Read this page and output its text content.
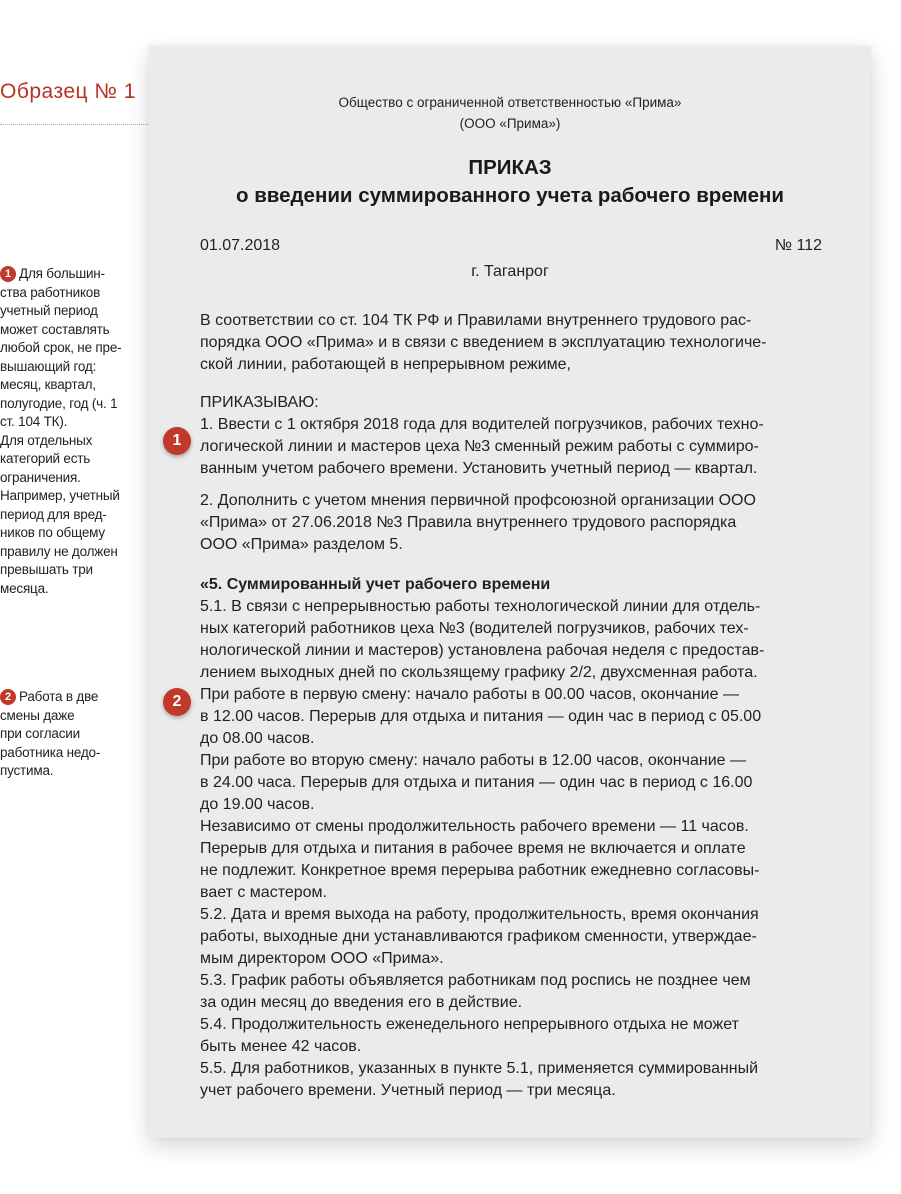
Образец № 1

1 Для большин-
ства работников
учетный период
может составлять
любой срок, не пре-
вышающий год:
месяц, квартал,
полугодие, год (ч. 1
ст. 104 ТК).
Для отдельных
категорий есть
ограничения.
Например, учетный
период для вред-
ников по общему
правилу не должен
превышать три
месяца.

2 Работа в две
смены даже
при согласии
работника недо-
пустима.

Общество с ограниченной ответственностью «Прима»
(ООО «Прима»)
ПРИКАЗ
о введении суммированного учета рабочего времени
01.07.2018	№ 112
г. Таганрог

В соответствии со ст. 104 ТК РФ и Правилами внутреннего трудового рас-
порядка ООО «Прима» и в связи с введением в эксплуатацию технологиче-
ской линии, работающей в непрерывном режиме,

ПРИКАЗЫВАЮ:

1. Ввести с 1 октября 2018 года для водителей погрузчиков, рабочих техно-
логической линии и мастеров цеха №3 сменный режим работы с суммиро-
ванным учетом рабочего времени. Установить учетный период — квартал.

2. Дополнить с учетом мнения первичной профсоюзной организации ООО
«Прима» от 27.06.2018 №3 Правила внутреннего трудового распорядка
ООО «Прима» разделом 5.

«5. Суммированный учет рабочего времени
5.1. В связи с непрерывностью работы технологической линии для отдель-
ных категорий работников цеха №3 (водителей погрузчиков, рабочих тех-
нологической линии и мастеров) установлена рабочая неделя с предостав-
лением выходных дней по скользящему графику 2/2, двухсменная работа.
При работе в первую смену: начало работы в 00.00 часов, окончание —
в 12.00 часов. Перерыв для отдыха и питания — один час в период с 05.00
до 08.00 часов.
При работе во вторую смену: начало работы в 12.00 часов, окончание —
в 24.00 часа. Перерыв для отдыха и питания — один час в период с 16.00
до 19.00 часов.
Независимо от смены продолжительность рабочего времени — 11 часов.
Перерыв для отдыха и питания в рабочее время не включается и оплате
не подлежит. Конкретное время перерыва работник ежедневно согласовы-
вает с мастером.
5.2. Дата и время выхода на работу, продолжительность, время окончания
работы, выходные дни устанавливаются графиком сменности, утверждае-
мым директором ООО «Прима».
5.3. График работы объявляется работникам под роспись не позднее чем
за один месяц до введения его в действие.
5.4. Продолжительность еженедельного непрерывного отдыха не может
быть менее 42 часов.
5.5. Для работников, указанных в пункте 5.1, применяется суммированный
учет рабочего времени. Учетный период — три месяца.
1
2
